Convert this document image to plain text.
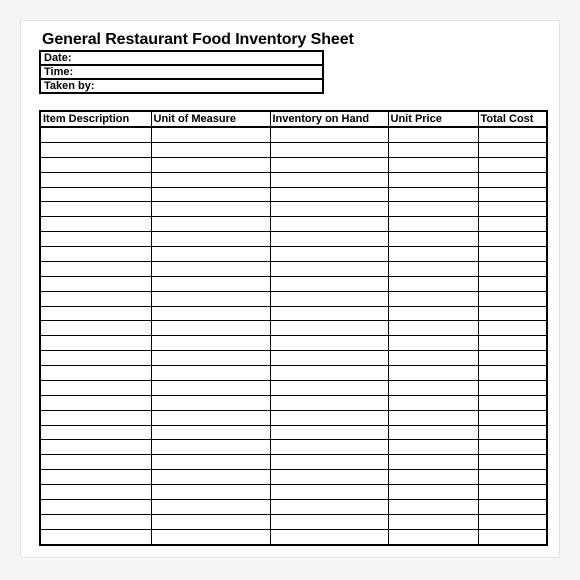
General Restaurant Food Inventory Sheet
Date:
Time:
Taken by:
Item Description	Unit of Measure	Inventory on Hand	Unit Price	Total Cost
